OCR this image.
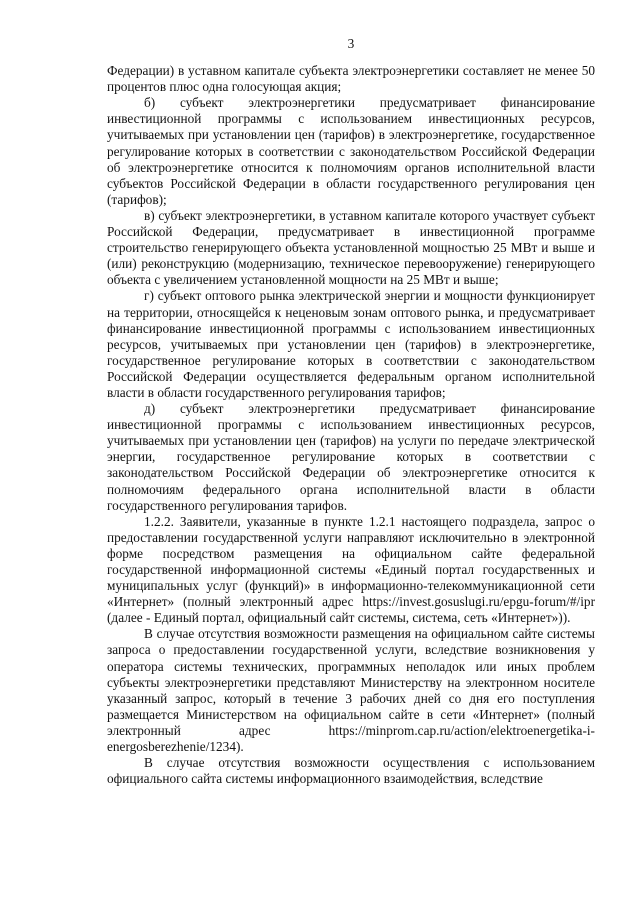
3

Федерации) в уставном капитале субъекта электроэнергетики составляет не менее 50 процентов плюс одна голосующая акция;

б) субъект электроэнергетики предусматривает финансирование инвестиционной программы с использованием инвестиционных ресурсов, учитываемых при установлении цен (тарифов) в электроэнергетике, государственное регулирование которых в соответствии с законодательством Российской Федерации об электроэнергетике относится к полномочиям органов исполнительной власти субъектов Российской Федерации в области государственного регулирования цен (тарифов);

в) субъект электроэнергетики, в уставном капитале которого участвует субъект Российской Федерации, предусматривает в инвестиционной программе строительство генерирующего объекта установленной мощностью 25 МВт и выше и (или) реконструкцию (модернизацию, техническое перевооружение) генерирующего объекта с увеличением установленной мощности на 25 МВт и выше;

г) субъект оптового рынка электрической энергии и мощности функционирует на территории, относящейся к неценовым зонам оптового рынка, и предусматривает финансирование инвестиционной программы с использованием инвестиционных ресурсов, учитываемых при установлении цен (тарифов) в электроэнергетике, государственное регулирование которых в соответствии с законодательством Российской Федерации осуществляется федеральным органом исполнительной власти в области государственного регулирования тарифов;

д) субъект электроэнергетики предусматривает финансирование инвестиционной программы с использованием инвестиционных ресурсов, учитываемых при установлении цен (тарифов) на услуги по передаче электрической энергии, государственное регулирование которых в соответствии с законодательством Российской Федерации об электроэнергетике относится к полномочиям федерального органа исполнительной власти в области государственного регулирования тарифов.

1.2.2. Заявители, указанные в пункте 1.2.1 настоящего подраздела, запрос о предоставлении государственной услуги направляют исключительно в электронной форме посредством размещения на официальном сайте федеральной государственной информационной системы «Единый портал государственных и муниципальных услуг (функций)» в информационно-телекоммуникационной сети «Интернет» (полный электронный адрес https://invest.gosuslugi.ru/epgu-forum/#/ipr (далее - Единый портал, официальный сайт системы, система, сеть «Интернет»)).

В случае отсутствия возможности размещения на официальном сайте системы запроса о предоставлении государственной услуги, вследствие возникновения у оператора системы технических, программных неполадок или иных проблем субъекты электроэнергетики представляют Министерству на электронном носителе указанный запрос, который в течение 3 рабочих дней со дня его поступления размещается Министерством на официальном сайте в сети «Интернет» (полный электронный адрес https://minprom.cap.ru/action/elektroenergetika-i-energosberezhenie/1234).

В случае отсутствия возможности осуществления с использованием официального сайта системы информационного взаимодействия, вследствие
